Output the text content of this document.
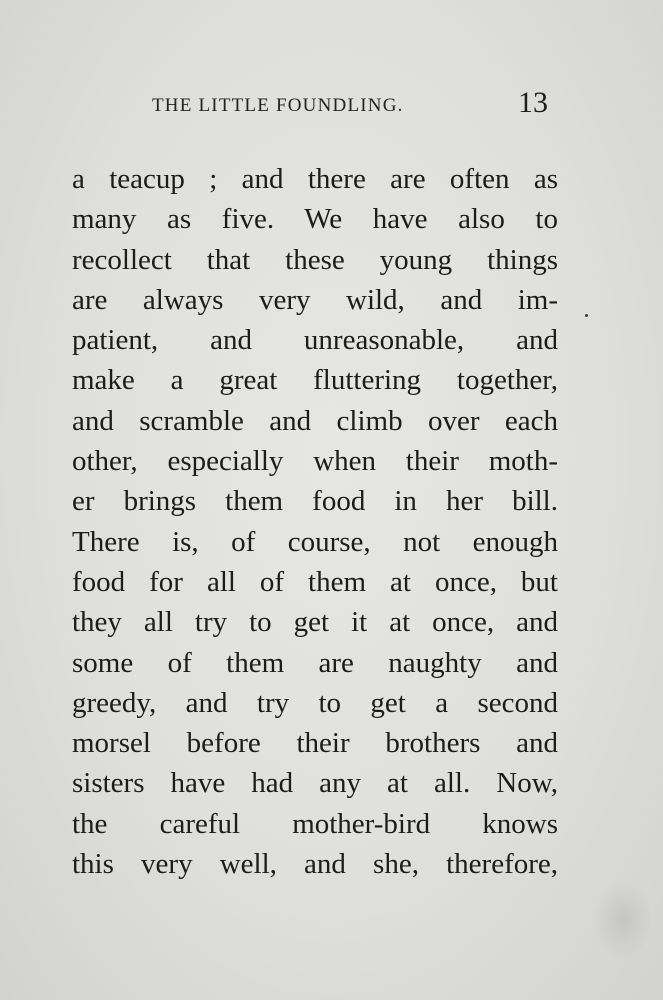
THE LITTLE FOUNDLING.	13
a teacup ; and there are often as
many as five. We have also to
recollect that these young things
are always very wild, and im-
patient, and unreasonable, and
make a great fluttering together,
and scramble and climb over each
other, especially when their moth-
er brings them food in her bill.
There is, of course, not enough
food for all of them at once, but
they all try to get it at once, and
some of them are naughty and
greedy, and try to get a second
morsel before their brothers and
sisters have had any at all. Now,
the careful mother-bird knows
this very well, and she, therefore,
